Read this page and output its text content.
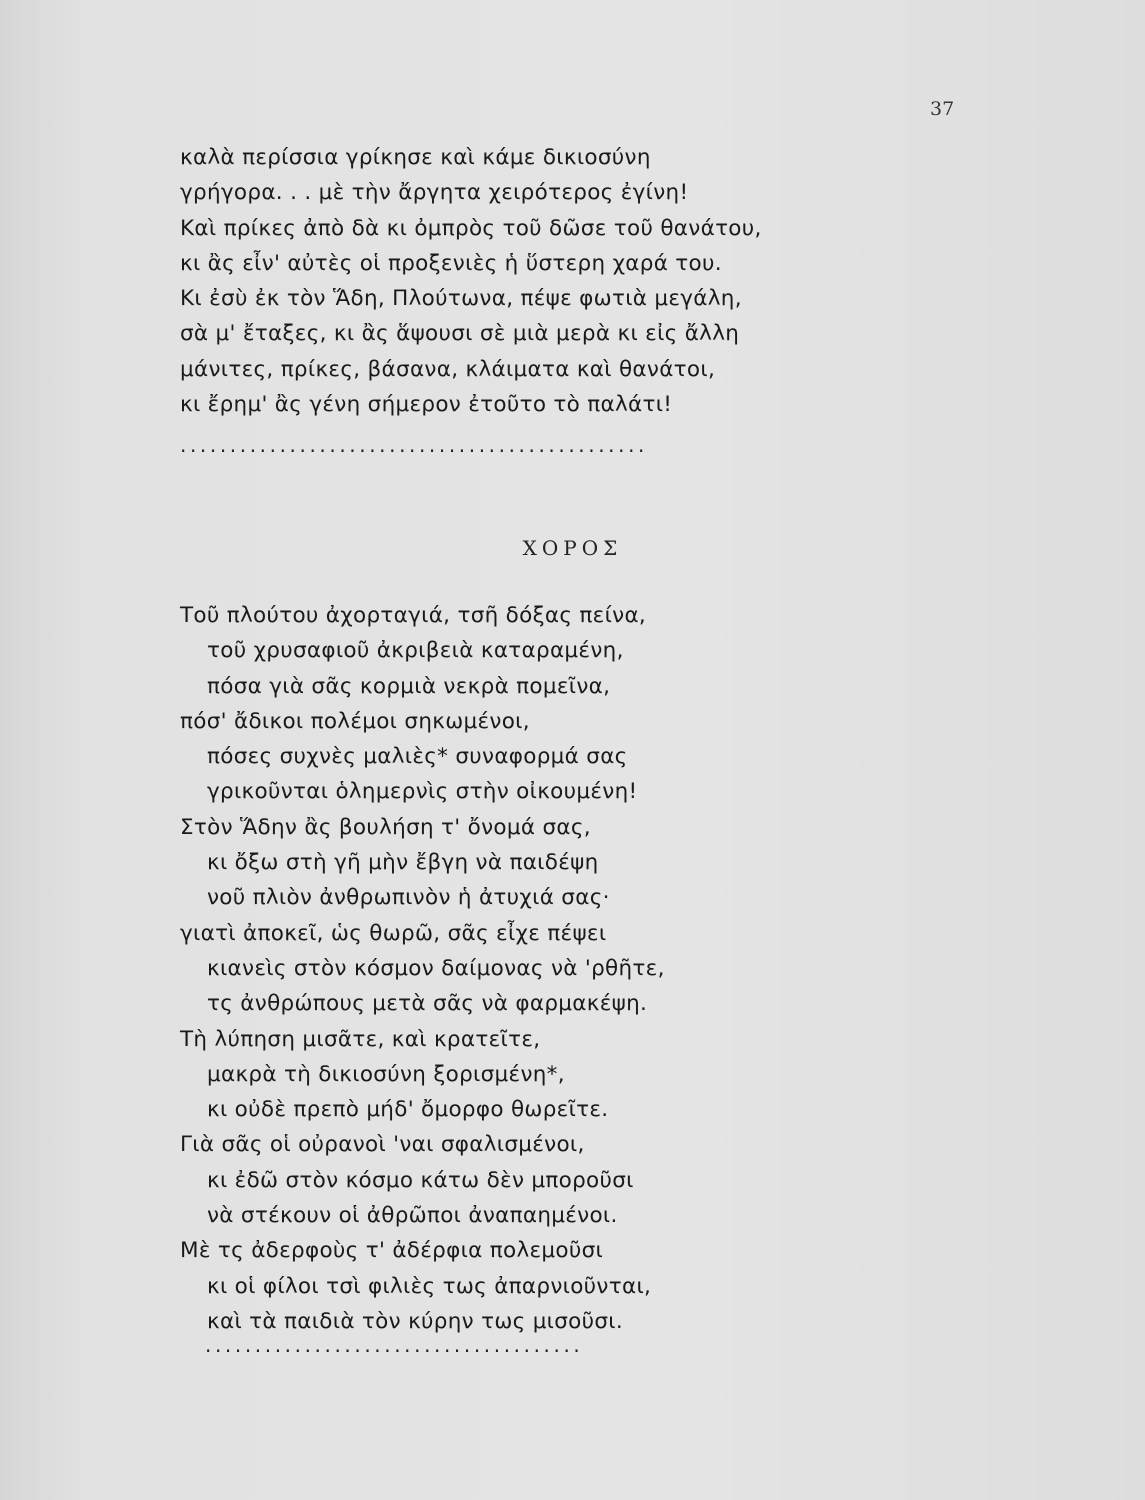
37
καλὰ περίσσια γρίκησε καὶ κάμε δικιοσύνη
γρήγορα. . . μὲ τὴν ἄργητα χειρότερος ἐγίνη!
Καὶ πρίκες ἀπὸ δὰ κι ὀμπρὸς τοῦ δῶσε τοῦ θανάτου,
κι ἂς εἶν' αὐτὲς οἱ προξενιὲς ἡ ὕστερη χαρά του.
Κι ἐσὺ ἐκ τὸν Ἅδη, Πλούτωνα, πέψε φωτιὰ μεγάλη,
σὰ μ' ἔταξες, κι ἂς ἅψουσι σὲ μιὰ μερὰ κι εἰς ἄλλη
μάνιτες, πρίκες, βάσανα, κλάιματα καὶ θανάτοι,
κι ἔρημ' ἂς γένη σήμερον ἐτοῦτο τὸ παλάτι!
...............................................
ΧΟΡΟΣ
Τοῦ πλούτου ἀχορταγιά, τσῆ δόξας πείνα,
τοῦ χρυσαφιοῦ ἀκριβειὰ καταραμένη,
πόσα γιὰ σᾶς κορμιὰ νεκρὰ πομεῖνα,
πόσ' ἄδικοι πολέμοι σηκωμένοι,
πόσες συχνὲς μαλιὲς* συναφορμά σας
γρικοῦνται ὁλημερνὶς στὴν οἰκουμένη!
Στὸν Ἅδην ἂς βουλήση τ' ὄνομά σας,
κι ὄξω στὴ γῆ μὴν ἔβγη νὰ παιδέψη
νοῦ πλιὸν ἀνθρωπινὸν ἡ ἀτυχιά σας·
γιατὶ ἀποκεῖ, ὡς θωρῶ, σᾶς εἶχε πέψει
κιανεὶς στὸν κόσμον δαίμονας νὰ 'ρθῆτε,
τς ἀνθρώπους μετὰ σᾶς νὰ φαρμακέψη.
Τὴ λύπηση μισᾶτε, καὶ κρατεῖτε,
μακρὰ τὴ δικιοσύνη ξορισμένη*,
κι οὐδὲ πρεπὸ μήδ' ὄμορφο θωρεῖτε.
Γιὰ σᾶς οἱ οὐρανοὶ 'ναι σφαλισμένοι,
κι ἐδῶ στὸν κόσμο κάτω δὲν μποροῦσι
νὰ στέκουν οἱ ἀθρῶποι ἀναπαημένοι.
Μὲ τς ἀδερφοὺς τ' ἀδέρφια πολεμοῦσι
κι οἱ φίλοι τσὶ φιλιὲς τως ἀπαρνιοῦνται,
καὶ τὰ παιδιὰ τὸν κύρην τως μισοῦσι.
......................................
